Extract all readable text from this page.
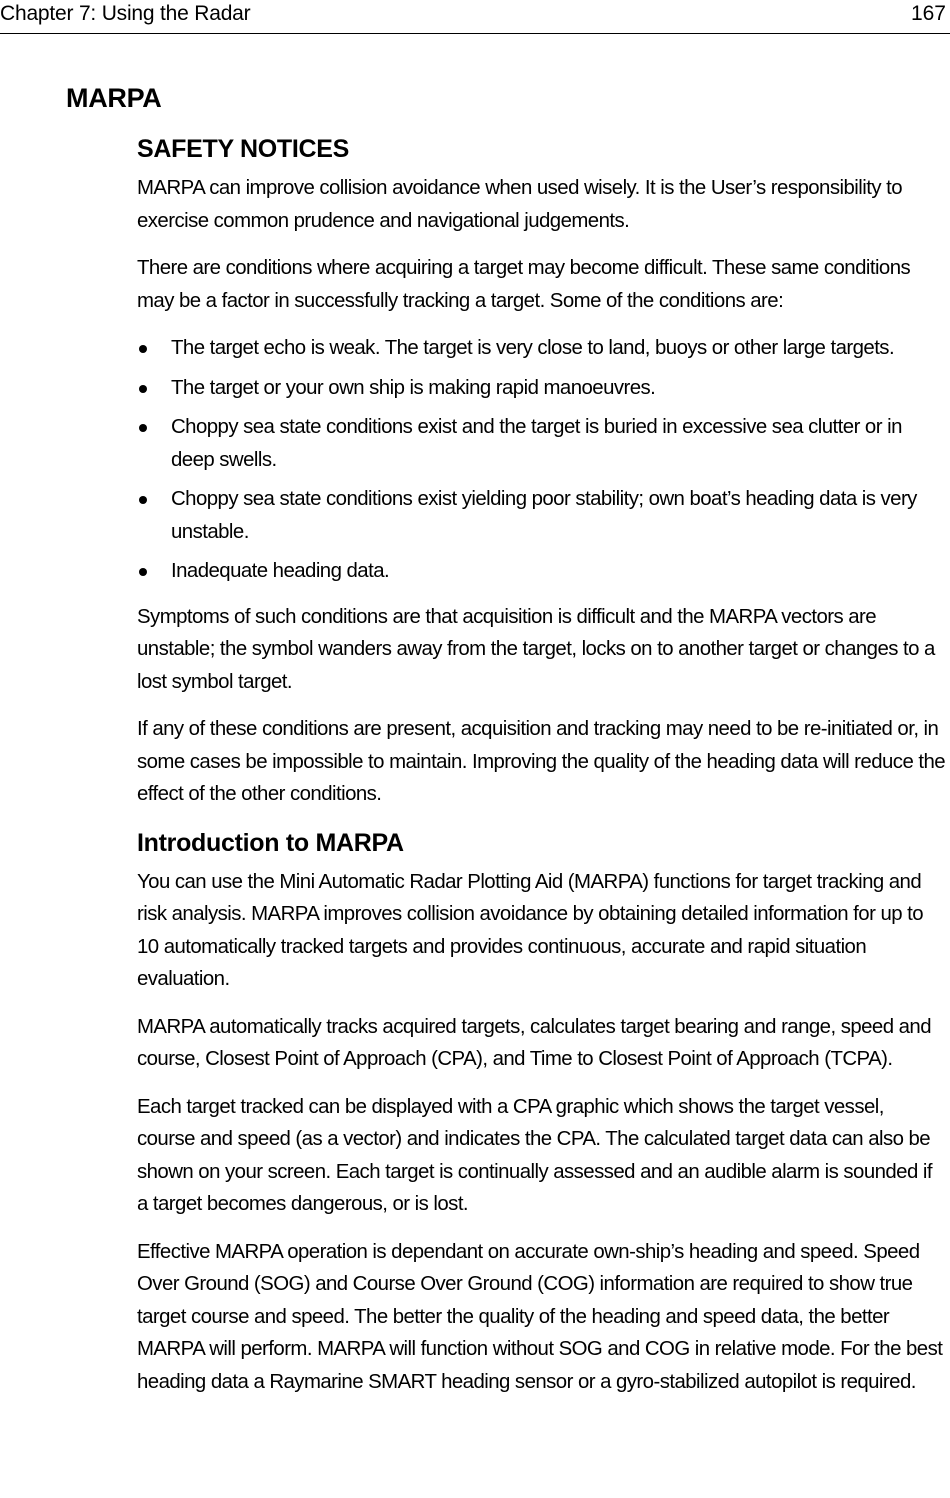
Chapter 7: Using the Radar	167
MARPA
SAFETY NOTICES

MARPA can improve collision avoidance when used wisely. It is the User’s responsibility to exercise common prudence and navigational judgements.

There are conditions where acquiring a target may become difficult. These same conditions may be a factor in successfully tracking a target. Some of the conditions are:

The target echo is weak. The target is very close to land, buoys or other large targets.
The target or your own ship is making rapid manoeuvres.
Choppy sea state conditions exist and the target is buried in excessive sea clutter or in deep swells.
Choppy sea state conditions exist yielding poor stability; own boat’s heading data is very unstable.
Inadequate heading data.

Symptoms of such conditions are that acquisition is difficult and the MARPA vectors are unstable; the symbol wanders away from the target, locks on to another target or changes to a lost symbol target.

If any of these conditions are present, acquisition and tracking may need to be re-initiated or, in some cases be impossible to maintain. Improving the quality of the heading data will reduce the effect of the other conditions.

Introduction to MARPA

You can use the Mini Automatic Radar Plotting Aid (MARPA) functions for target tracking and risk analysis. MARPA improves collision avoidance by obtaining detailed information for up to 10 automatically tracked targets and provides continuous, accurate and rapid situation evaluation.

MARPA automatically tracks acquired targets, calculates target bearing and range, speed and course, Closest Point of Approach (CPA), and Time to Closest Point of Approach (TCPA).

Each target tracked can be displayed with a CPA graphic which shows the target vessel, course and speed (as a vector) and indicates the CPA. The calculated target data can also be shown on your screen. Each target is continually assessed and an audible alarm is sounded if a target becomes dangerous, or is lost.

Effective MARPA operation is dependant on accurate own-ship’s heading and speed. Speed Over Ground (SOG) and Course Over Ground (COG) information are required to show true target course and speed. The better the quality of the heading and speed data, the better MARPA will perform. MARPA will function without SOG and COG in relative mode. For the best heading data a Raymarine SMART heading sensor or a gyro-stabilized autopilot is required.
